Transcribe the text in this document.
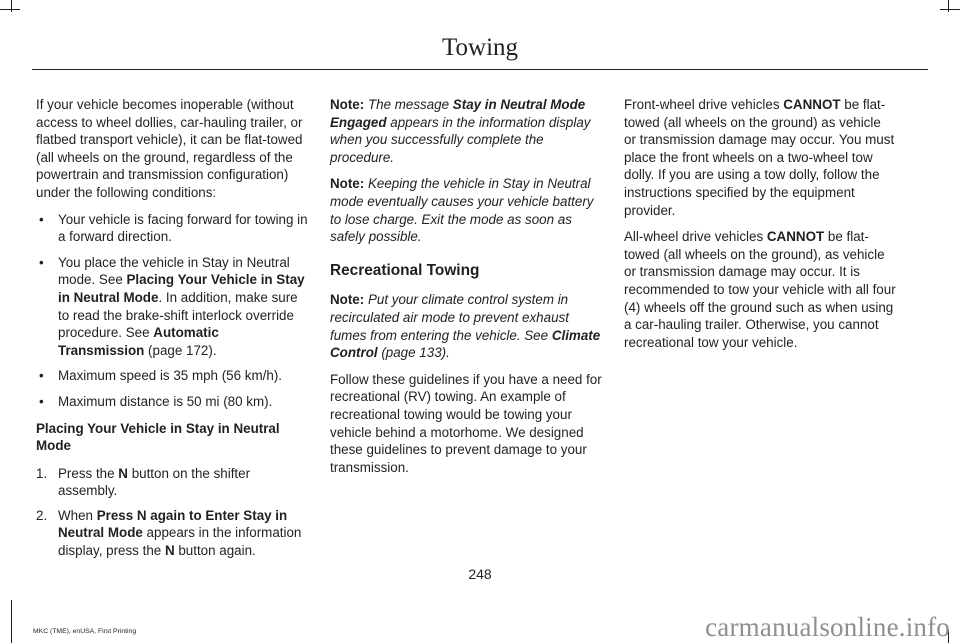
Towing

If your vehicle becomes inoperable (without access to wheel dollies, car-hauling trailer, or flatbed transport vehicle), it can be flat-towed (all wheels on the ground, regardless of the powertrain and transmission configuration) under the following conditions:

• Your vehicle is facing forward for towing in a forward direction.
• You place the vehicle in Stay in Neutral mode. See Placing Your Vehicle in Stay in Neutral Mode. In addition, make sure to read the brake-shift interlock override procedure. See Automatic Transmission (page 172).
• Maximum speed is 35 mph (56 km/h).
• Maximum distance is 50 mi (80 km).
Placing Your Vehicle in Stay in Neutral Mode
1. Press the N button on the shifter assembly.
2. When Press N again to Enter Stay in Neutral Mode appears in the information display, press the N button again.

Note: The message Stay in Neutral Mode Engaged appears in the information display when you successfully complete the procedure.

Note: Keeping the vehicle in Stay in Neutral mode eventually causes your vehicle battery to lose charge. Exit the mode as soon as safely possible.

Recreational Towing

Note: Put your climate control system in recirculated air mode to prevent exhaust fumes from entering the vehicle. See Climate Control (page 133).

Follow these guidelines if you have a need for recreational (RV) towing. An example of recreational towing would be towing your vehicle behind a motorhome. We designed these guidelines to prevent damage to your transmission.

Front-wheel drive vehicles CANNOT be flat-towed (all wheels on the ground) as vehicle or transmission damage may occur. You must place the front wheels on a two-wheel tow dolly. If you are using a tow dolly, follow the instructions specified by the equipment provider.

All-wheel drive vehicles CANNOT be flat-towed (all wheels on the ground), as vehicle or transmission damage may occur. It is recommended to tow your vehicle with all four (4) wheels off the ground such as when using a car-hauling trailer. Otherwise, you cannot recreational tow your vehicle.

248
MKC (TME), enUSA, First Printing	carmanualsonline.info
